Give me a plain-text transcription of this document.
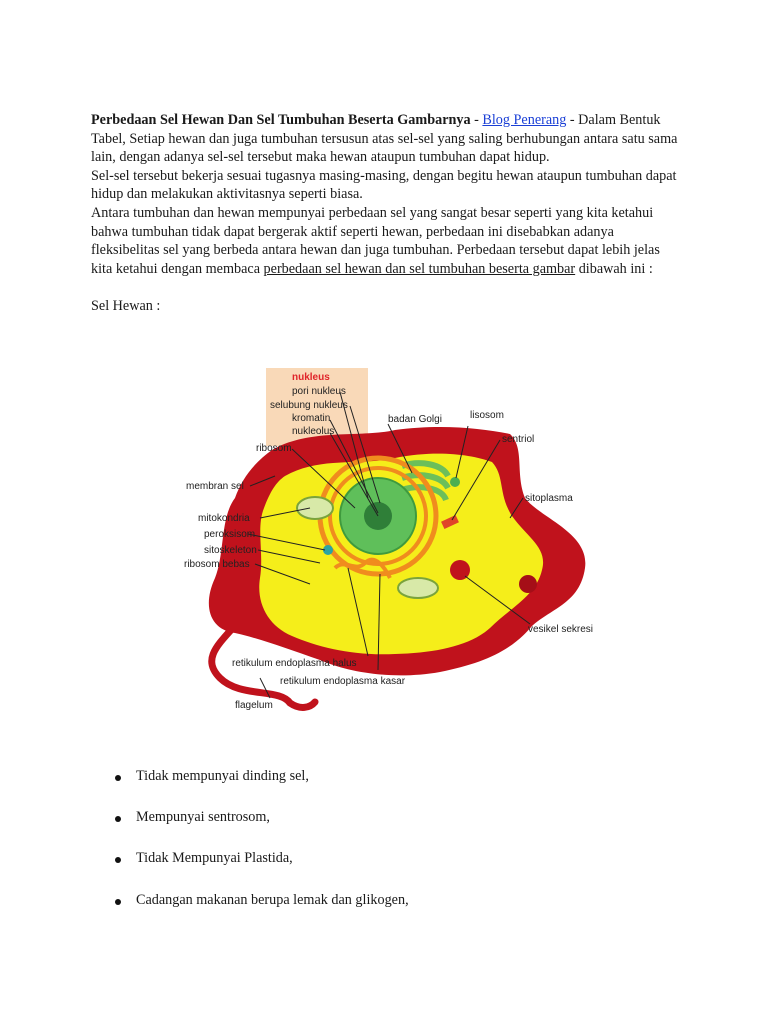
Perbedaan Sel Hewan Dan Sel Tumbuhan Beserta Gambarnya - Blog Penerang - Dalam Bentuk Tabel, Setiap hewan dan juga tumbuhan tersusun atas sel-sel yang saling berhubungan antara satu sama lain, dengan adanya sel-sel tersebut maka hewan ataupun tumbuhan dapat hidup.

Sel-sel tersebut bekerja sesuai tugasnya masing-masing, dengan begitu hewan ataupun tumbuhan dapat hidup dan melakukan aktivitasnya seperti biasa.

Antara tumbuhan dan hewan mempunyai perbedaan sel yang sangat besar seperti yang kita ketahui bahwa tumbuhan tidak dapat bergerak aktif seperti hewan, perbedaan ini disebabkan adanya fleksibelitas sel yang berbeda antara hewan dan juga tumbuhan. Perbedaan tersebut dapat lebih jelas kita ketahui dengan membaca perbedaan sel hewan dan sel tumbuhan beserta gambar dibawah ini :

Sel Hewan :

nukleus
pori nukleus
selubung nukleus
kromatin
nukleolus
badan Golgi	lisosom
sentriol
ribosom
membran sel
sitoplasma
mitokondria
peroksisom
sitoskeleton
ribosom bebas
vesikel sekresi
retikulum endoplasma halus
retikulum endoplasma kasar
flagelum
Tidak mempunyai dinding sel,
Mempunyai sentrosom,
Tidak Mempunyai Plastida,
Cadangan makanan berupa lemak dan glikogen,
